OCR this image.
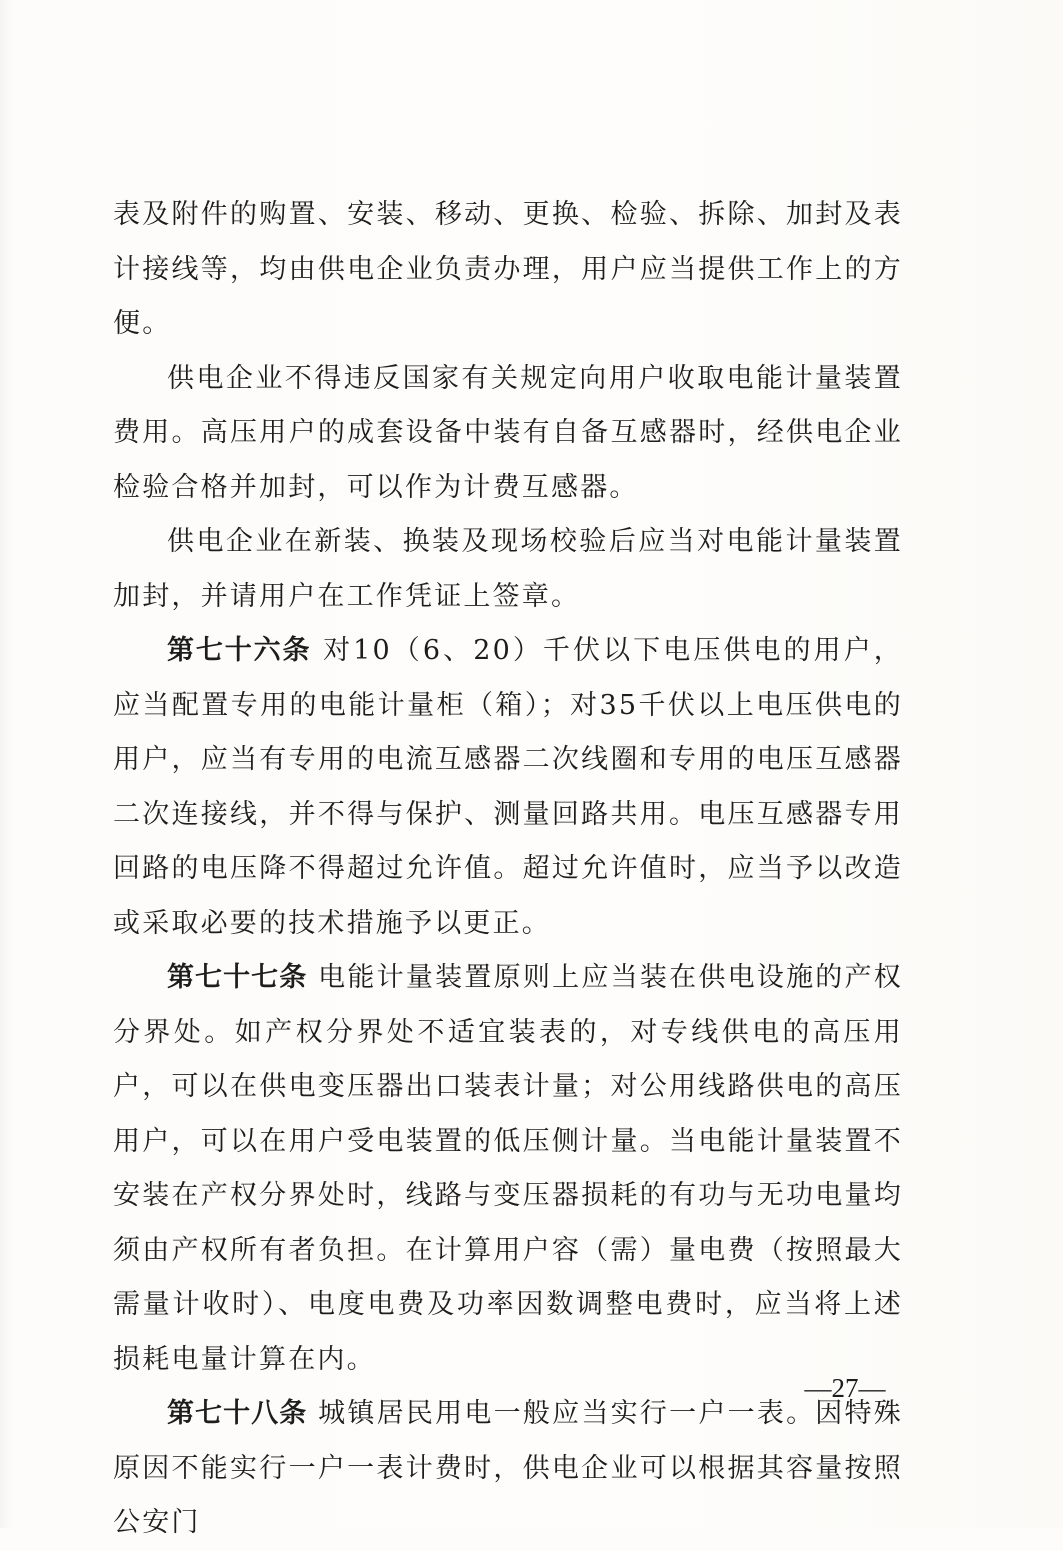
表及附件的购置、安装、移动、更换、检验、拆除、加封及表计接线等，均由供电企业负责办理，用户应当提供工作上的方便。

供电企业不得违反国家有关规定向用户收取电能计量装置费用。高压用户的成套设备中装有自备互感器时，经供电企业检验合格并加封，可以作为计费互感器。

供电企业在新装、换装及现场校验后应当对电能计量装置加封，并请用户在工作凭证上签章。

第七十六条 对10（6、20）千伏以下电压供电的用户，应当配置专用的电能计量柜（箱）；对35千伏以上电压供电的用户，应当有专用的电流互感器二次线圈和专用的电压互感器二次连接线，并不得与保护、测量回路共用。电压互感器专用回路的电压降不得超过允许值。超过允许值时，应当予以改造或采取必要的技术措施予以更正。

第七十七条 电能计量装置原则上应当装在供电设施的产权分界处。如产权分界处不适宜装表的，对专线供电的高压用户，可以在供电变压器出口装表计量；对公用线路供电的高压用户，可以在用户受电装置的低压侧计量。当电能计量装置不安装在产权分界处时，线路与变压器损耗的有功与无功电量均须由产权所有者负担。在计算用户容（需）量电费（按照最大需量计收时）、电度电费及功率因数调整电费时，应当将上述损耗电量计算在内。

第七十八条 城镇居民用电一般应当实行一户一表。因特殊原因不能实行一户一表计费时，供电企业可以根据其容量按照公安门

—27—
